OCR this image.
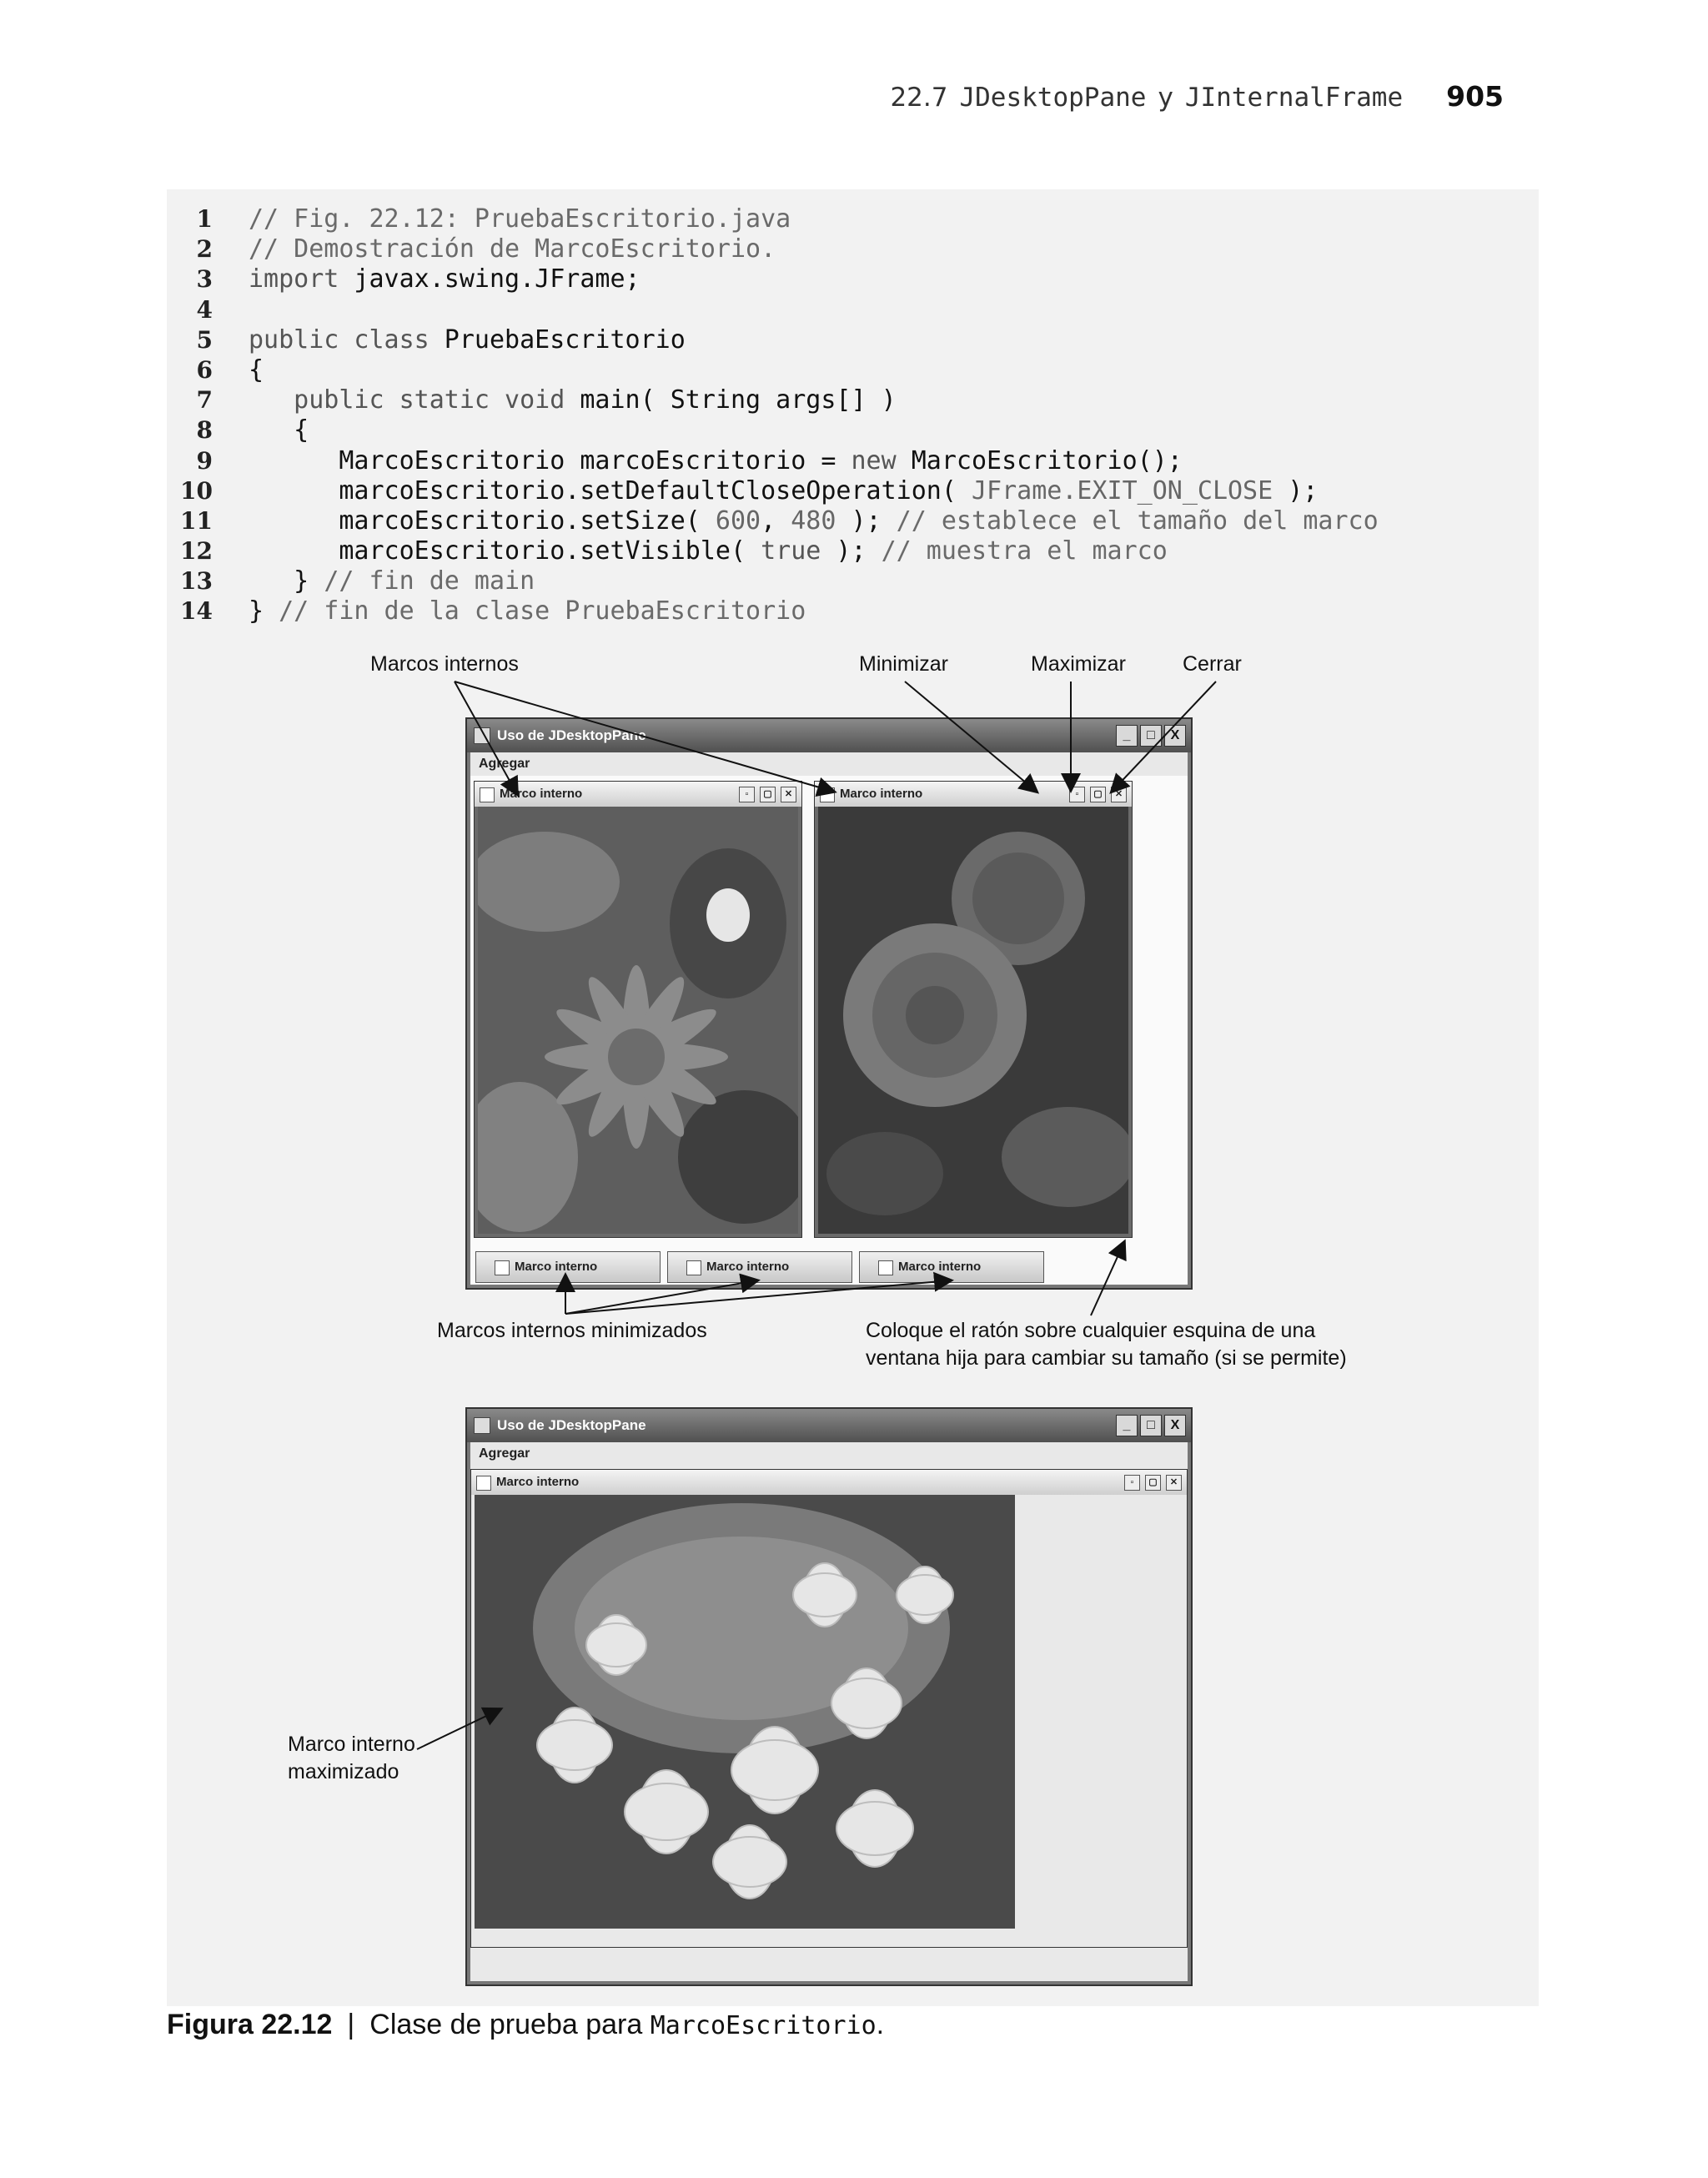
22.7 JDesktopPane y JInternalFrame 905
1 // Fig. 22.12: PruebaEscritorio.java
2 // Demostración de MarcoEscritorio.
3 import javax.swing.JFrame;
4
5 public class PruebaEscritorio
6 {
7 public static void main( String args[] )
8 {
9 MarcoEscritorio marcoEscritorio = new MarcoEscritorio();
10 marcoEscritorio.setDefaultCloseOperation( JFrame.EXIT_ON_CLOSE );
11 marcoEscritorio.setSize( 600, 480 ); // establece el tamaño del marco
12 marcoEscritorio.setVisible( true ); // muestra el marco
13 } // fin de main
14 } // fin de la clase PruebaEscritorio
Marcos internos	Minimizar	Maximizar	Cerrar
Uso de JDesktopPane	_	□	X
Agregar
Marco interno	▫	▢	✕	Marco interno	▫	▢	✕
Marco interno	Marco interno	Marco interno
Marcos internos minimizados	Coloque el ratón sobre cualquier esquina de una
ventana hija para cambiar su tamaño (si se permite)
Uso de JDesktopPane	_	□	X
Agregar
Marco interno	▫	▢	✕
Marco interno
maximizado
Figura 22.12 | Clase de prueba para MarcoEscritorio.
